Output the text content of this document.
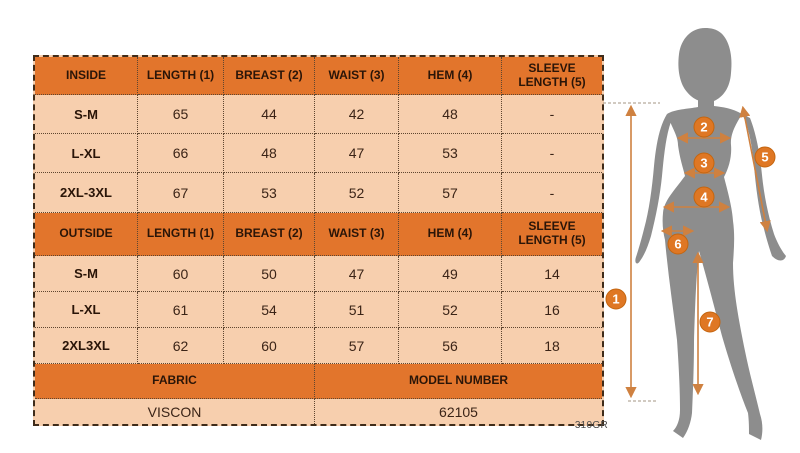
INSIDE	LENGTH (1)	BREAST (2)	WAIST (3)	HEM (4)	SLEEVE LENGTH (5)
S-M	65	44	42	48	-
L-XL	66	48	47	53	-
2XL-3XL	67	53	52	57	-
OUTSIDE	LENGTH (1)	BREAST (2)	WAIST (3)	HEM (4)	SLEEVE LENGTH (5)
S-M	60	50	47	49	14
L-XL	61	54	51	52	16
2XL3XL	62	60	57	56	18
FABRIC	MODEL NUMBER
VISCON	62105
310GR
1
2
3
4
5
6
7
